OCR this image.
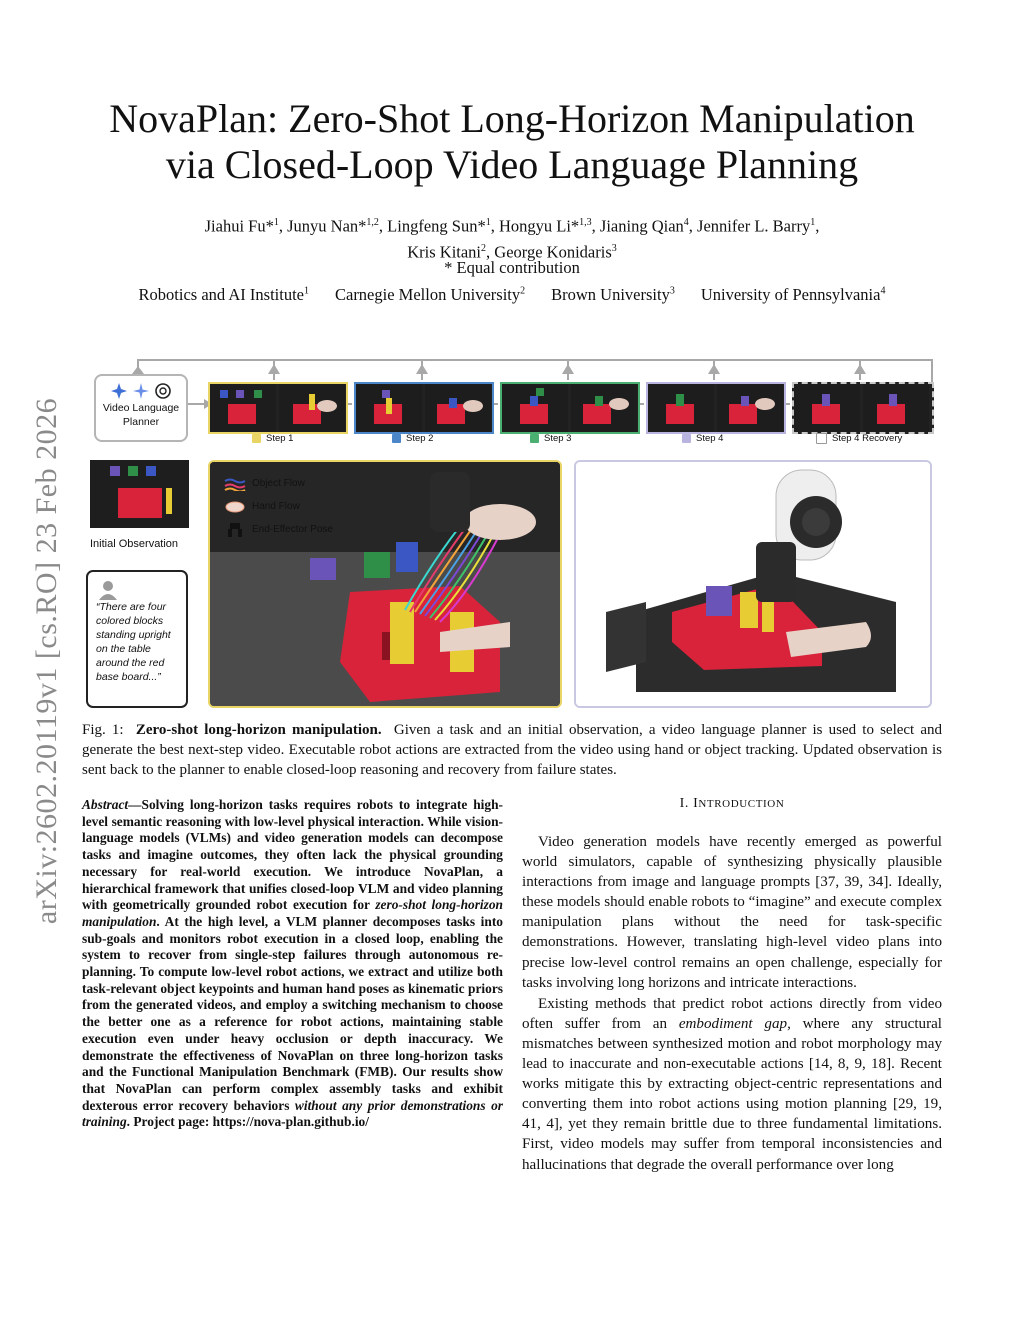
arXiv:2602.20119v1 [cs.RO] 23 Feb 2026
NovaPlan: Zero-Shot Long-Horizon Manipulation
via Closed-Loop Video Language Planning
Jiahui Fu*$^1$, Junyu Nan*$^{1,2}$, Lingfeng Sun*$^1$, Hongyu Li*$^{1,3}$, Jianing Qian$^4$, Jennifer L. Barry$^1$,
Kris Kitani$^2$, George Konidaris$^3$
* Equal contribution
Robotics and AI Institute$^1$ Carnegie Mellon University$^2$ Brown University$^3$ University of Pennsylvania$^4$
Video Language
Planner
Step 1	Step 2	Step 3	Step 4	Step 4 Recovery
Initial Observation
“There are four colored blocks standing upright on the table around the red base board...”
Object Flow
Hand Flow
End-Effector Pose
Fig. 1: Zero-shot long-horizon manipulation. Given a task and an initial observation, a video language planner is used to select and generate the best next-step video. Executable robot actions are extracted from the video using hand or object tracking. Updated observation is sent back to the planner to enable closed-loop reasoning and recovery from failure states.
Abstract—Solving long-horizon tasks requires robots to integrate high-level semantic reasoning with low-level physical interaction. While vision-language models (VLMs) and video generation models can decompose tasks and imagine outcomes, they often lack the physical grounding necessary for real-world execution. We introduce NovaPlan, a hierarchical framework that unifies closed-loop VLM and video planning with geometrically grounded robot execution for zero-shot long-horizon manipulation. At the high level, a VLM planner decomposes tasks into sub-goals and monitors robot execution in a closed loop, enabling the system to recover from single-step failures through autonomous re-planning. To compute low-level robot actions, we extract and utilize both task-relevant object keypoints and human hand poses as kinematic priors from the generated videos, and employ a switching mechanism to choose the better one as a reference for robot actions, maintaining stable execution even under heavy occlusion or depth inaccuracy. We demonstrate the effectiveness of NovaPlan on three long-horizon tasks and the Functional Manipulation Benchmark (FMB). Our results show that NovaPlan can perform complex assembly tasks and exhibit dexterous error recovery behaviors without any prior demonstrations or training. Project page: https://nova-plan.github.io/
I. INTRODUCTION

Video generation models have recently emerged as powerful world simulators, capable of synthesizing physically plausible interactions from image and language prompts [37, 39, 34]. Ideally, these models should enable robots to “imagine” and execute complex manipulation plans without the need for task-specific demonstrations. However, translating high-level video plans into precise low-level control remains an open challenge, especially for tasks involving long horizons and intricate interactions.

Existing methods that predict robot actions directly from video often suffer from an embodiment gap, where any structural mismatches between synthesized motion and robot morphology may lead to inaccurate and non-executable actions [14, 8, 9, 18]. Recent works mitigate this by extracting object-centric representations and converting them into robot actions using motion planning [29, 19, 41, 4], yet they remain brittle due to three fundamental limitations. First, video models may suffer from temporal inconsistencies and hallucinations that degrade the overall performance over long
